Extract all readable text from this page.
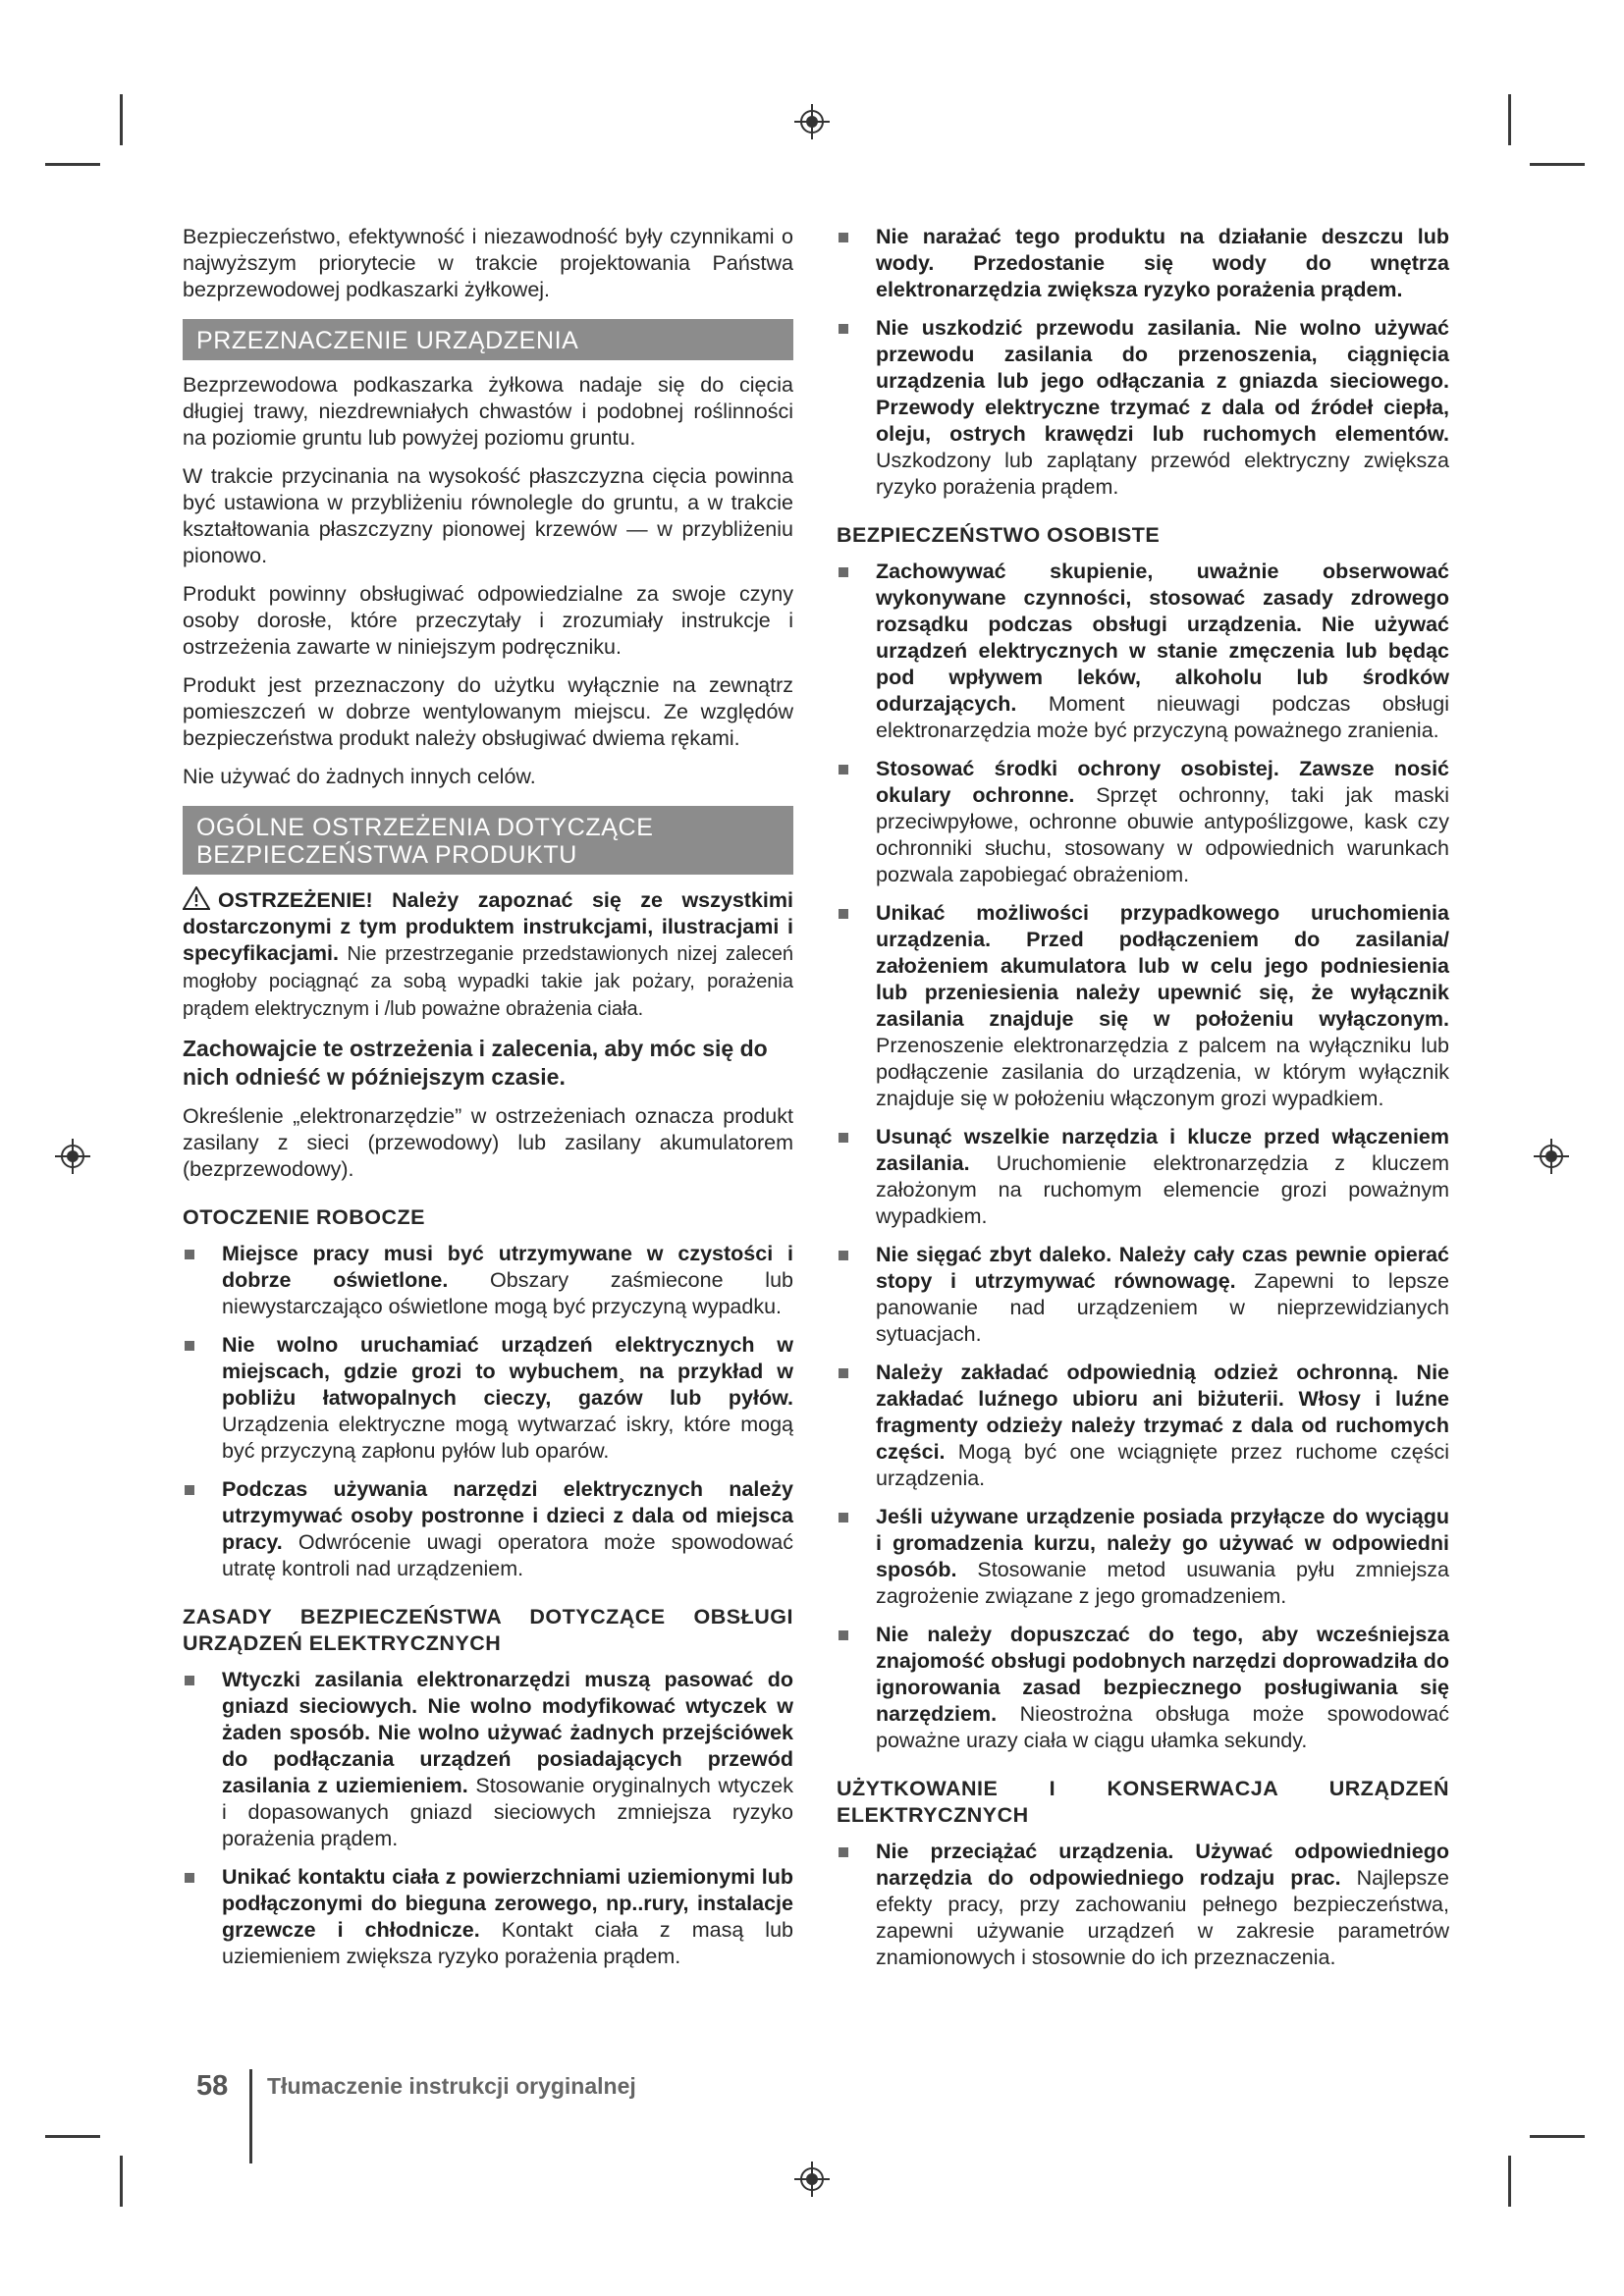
Bezpieczeństwo, efektywność i niezawodność były czynnikami o najwyższym priorytecie w trakcie projektowania Państwa bezprzewodowej podkaszarki żyłkowej.

PRZEZNACZENIE URZĄDZENIA

Bezprzewodowa podkaszarka żyłkowa nadaje się do cięcia długiej trawy, niezdrewniałych chwastów i podobnej roślinności na poziomie gruntu lub powyżej poziomu gruntu.

W trakcie przycinania na wysokość płaszczyzna cięcia powinna być ustawiona w przybliżeniu równolegle do gruntu, a w trakcie kształtowania płaszczyzny pionowej krzewów — w przybliżeniu pionowo.

Produkt powinny obsługiwać odpowiedzialne za swoje czyny osoby dorosłe, które przeczytały i zrozumiały instrukcje i ostrzeżenia zawarte w niniejszym podręczniku.

Produkt jest przeznaczony do użytku wyłącznie na zewnątrz pomieszczeń w dobrze wentylowanym miejscu. Ze względów bezpieczeństwa produkt należy obsługiwać dwiema rękami.

Nie używać do żadnych innych celów.

OGÓLNE OSTRZEŻENIA DOTYCZĄCE
BEZPIECZEŃSTWA PRODUKTU

OSTRZEŻENIE! Należy zapoznać się ze wszystkimi dostarczonymi z tym produktem instrukcjami, ilustracjami i specyfikacjami. Nie przestrzeganie przedstawionych nizej zaleceń mogłoby pociągnąć za sobą wypadki takie jak pożary, porażenia prądem elektrycznym i /lub poważne obrażenia ciała.

Zachowajcie te ostrzeżenia i zalecenia, aby móc się do nich odnieść w późniejszym czasie.

Określenie „elektronarzędzie” w ostrzeżeniach oznacza produkt zasilany z sieci (przewodowy) lub zasilany akumulatorem (bezprzewodowy).

OTOCZENIE ROBOCZE
Miejsce pracy musi być utrzymywane w czystości i dobrze oświetlone. Obszary zaśmiecone lub niewystarczająco oświetlone mogą być przyczyną wypadku.
Nie wolno uruchamiać urządzeń elektrycznych w miejscach, gdzie grozi to wybuchem¸ na przykład w pobliżu łatwopalnych cieczy, gazów lub pyłów. Urządzenia elektryczne mogą wytwarzać iskry, które mogą być przyczyną zapłonu pyłów lub oparów.
Podczas używania narzędzi elektrycznych należy utrzymywać osoby postronne i dzieci z dala od miejsca pracy. Odwrócenie uwagi operatora może spowodować utratę kontroli nad urządzeniem.
ZASADY BEZPIECZEŃSTWA DOTYCZĄCE OBSŁUGI URZĄDZEŃ ELEKTRYCZNYCH
Wtyczki zasilania elektronarzędzi muszą pasować do gniazd sieciowych. Nie wolno modyfikować wtyczek w żaden sposób. Nie wolno używać żadnych przejściówek do podłączania urządzeń posiadających przewód zasilania z uziemieniem. Stosowanie oryginalnych wtyczek i dopasowanych gniazd sieciowych zmniejsza ryzyko porażenia prądem.
Unikać kontaktu ciała z powierzchniami uziemionymi lub podłączonymi do bieguna zerowego, np..rury, instalacje grzewcze i chłodnicze. Kontakt ciała z masą lub uziemieniem zwiększa ryzyko porażenia prądem.
Nie narażać tego produktu na działanie deszczu lub wody. Przedostanie się wody do wnętrza elektronarzędzia zwiększa ryzyko porażenia prądem.
Nie uszkodzić przewodu zasilania. Nie wolno używać przewodu zasilania do przenoszenia, ciągnięcia urządzenia lub jego odłączania z gniazda sieciowego. Przewody elektryczne trzymać z dala od źródeł ciepła, oleju, ostrych krawędzi lub ruchomych elementów. Uszkodzony lub zaplątany przewód elektryczny zwiększa ryzyko porażenia prądem.
BEZPIECZEŃSTWO OSOBISTE
Zachowywać skupienie, uważnie obserwować wykonywane czynności, stosować zasady zdrowego rozsądku podczas obsługi urządzenia. Nie używać urządzeń elektrycznych w stanie zmęczenia lub będąc pod wpływem leków, alkoholu lub środków odurzających. Moment nieuwagi podczas obsługi elektronarzędzia może być przyczyną poważnego zranienia.
Stosować środki ochrony osobistej. Zawsze nosić okulary ochronne. Sprzęt ochronny, taki jak maski przeciwpyłowe, ochronne obuwie antypoślizgowe, kask czy ochronniki słuchu, stosowany w odpowiednich warunkach pozwala zapobiegać obrażeniom.
Unikać możliwości przypadkowego uruchomienia urządzenia. Przed podłączeniem do zasilania/ założeniem akumulatora lub w celu jego podniesienia lub przeniesienia należy upewnić się, że wyłącznik zasilania znajduje się w położeniu wyłączonym. Przenoszenie elektronarzędzia z palcem na wyłączniku lub podłączenie zasilania do urządzenia, w którym wyłącznik znajduje się w położeniu włączonym grozi wypadkiem.
Usunąć wszelkie narzędzia i klucze przed włączeniem zasilania. Uruchomienie elektronarzędzia z kluczem założonym na ruchomym elemencie grozi poważnym wypadkiem.
Nie sięgać zbyt daleko. Należy cały czas pewnie opierać stopy i utrzymywać równowagę. Zapewni to lepsze panowanie nad urządzeniem w nieprzewidzianych sytuacjach.
Należy zakładać odpowiednią odzież ochronną. Nie zakładać luźnego ubioru ani biżuterii. Włosy i luźne fragmenty odzieży należy trzymać z dala od ruchomych części. Mogą być one wciągnięte przez ruchome części urządzenia.
Jeśli używane urządzenie posiada przyłącze do wyciągu i gromadzenia kurzu, należy go używać w odpowiedni sposób. Stosowanie metod usuwania pyłu zmniejsza zagrożenie związane z jego gromadzeniem.
Nie należy dopuszczać do tego, aby wcześniejsza znajomość obsługi podobnych narzędzi doprowadziła do ignorowania zasad bezpiecznego posługiwania się narzędziem. Nieostrożna obsługa może spowodować poważne urazy ciała w ciągu ułamka sekundy.
UŻYTKOWANIE I KONSERWACJA URZĄDZEŃ ELEKTRYCZNYCH
Nie przeciążać urządzenia. Używać odpowiedniego narzędzia do odpowiedniego rodzaju prac. Najlepsze efekty pracy, przy zachowaniu pełnego bezpieczeństwa, zapewni używanie urządzeń w zakresie parametrów znamionowych i stosownie do ich przeznaczenia.
58 Tłumaczenie instrukcji oryginalnej
